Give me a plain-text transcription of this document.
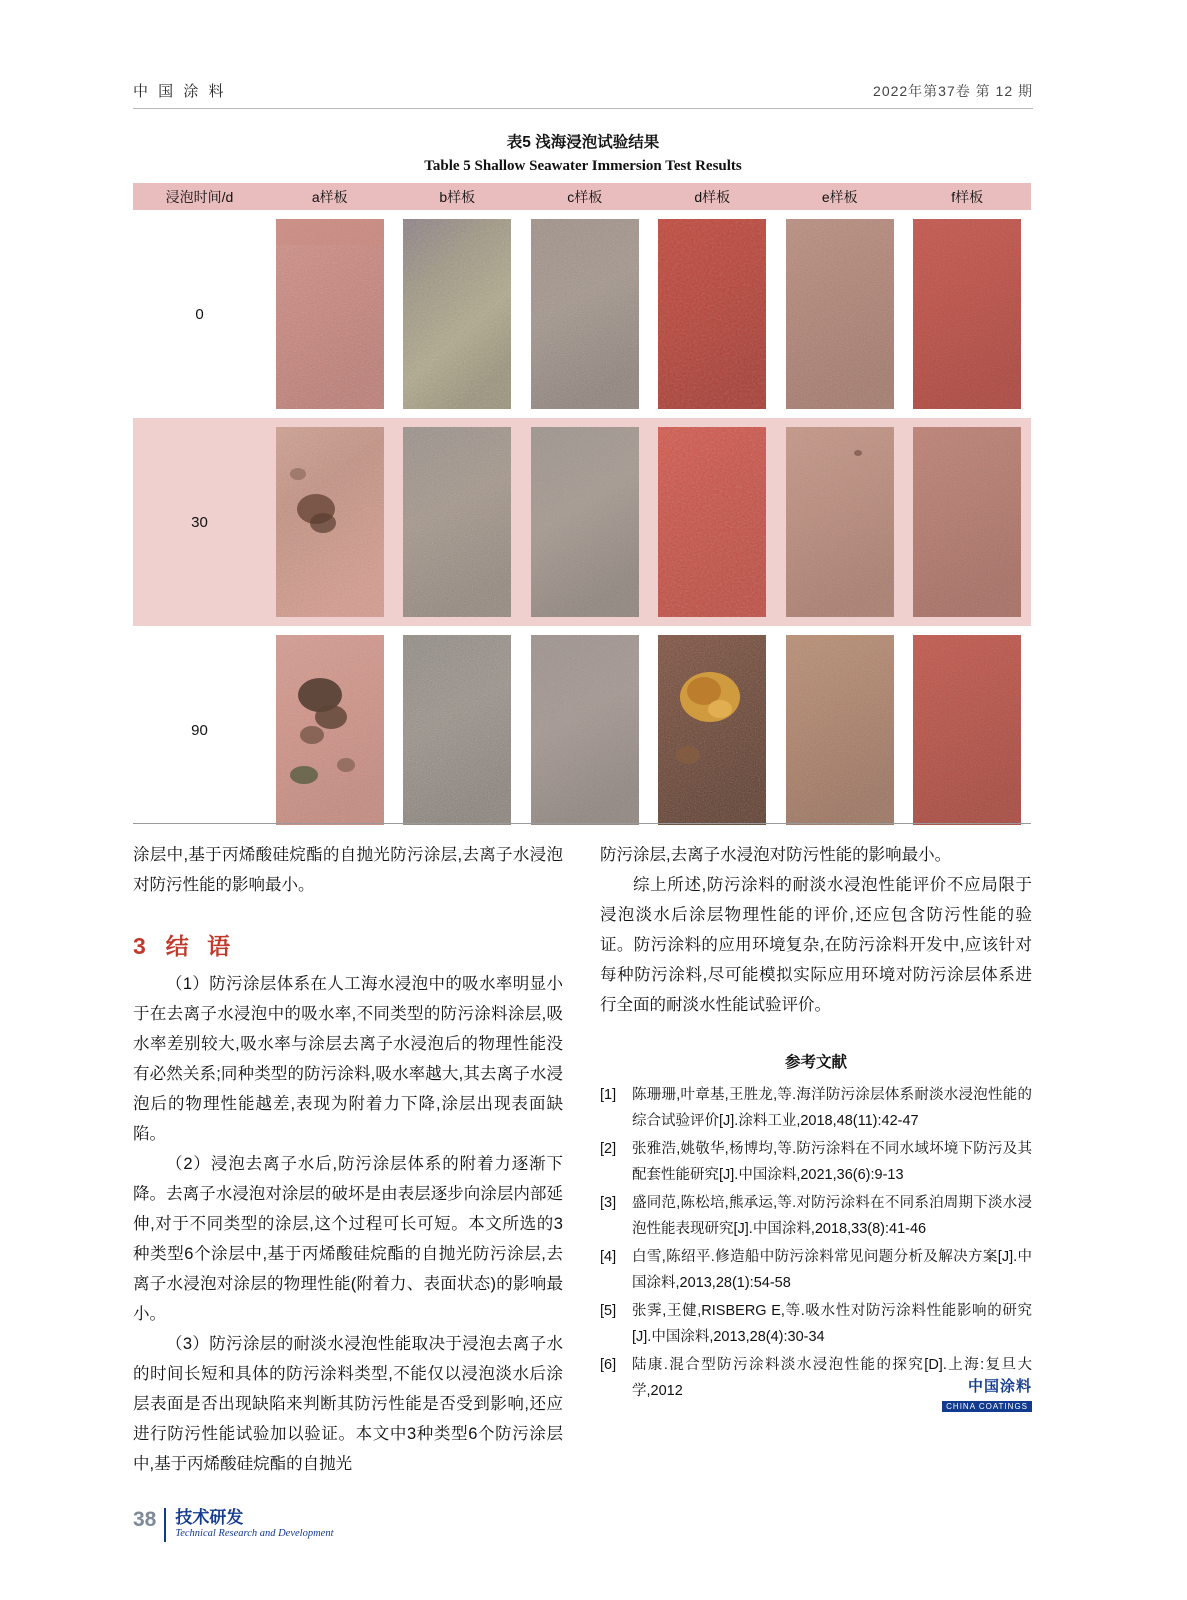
中 国 涂 料	2022年第37卷 第 12 期
表5 浅海浸泡试验结果
Table 5 Shallow Seawater Immersion Test Results
浸泡时间/d	a样板	b样板	c样板	d样板	e样板	f样板
0
30
90

涂层中,基于丙烯酸硅烷酯的自抛光防污涂层,去离子水浸泡对防污性能的影响最小。

3 结 语

（1）防污涂层体系在人工海水浸泡中的吸水率明显小于在去离子水浸泡中的吸水率,不同类型的防污涂料涂层,吸水率差别较大,吸水率与涂层去离子水浸泡后的物理性能没有必然关系;同种类型的防污涂料,吸水率越大,其去离子水浸泡后的物理性能越差,表现为附着力下降,涂层出现表面缺陷。

（2）浸泡去离子水后,防污涂层体系的附着力逐渐下降。去离子水浸泡对涂层的破坏是由表层逐步向涂层内部延伸,对于不同类型的涂层,这个过程可长可短。本文所选的3种类型6个涂层中,基于丙烯酸硅烷酯的自抛光防污涂层,去离子水浸泡对涂层的物理性能(附着力、表面状态)的影响最小。

（3）防污涂层的耐淡水浸泡性能取决于浸泡去离子水的时间长短和具体的防污涂料类型,不能仅以浸泡淡水后涂层表面是否出现缺陷来判断其防污性能是否受到影响,还应进行防污性能试验加以验证。本文中3种类型6个防污涂层中,基于丙烯酸硅烷酯的自抛光

防污涂层,去离子水浸泡对防污性能的影响最小。

综上所述,防污涂料的耐淡水浸泡性能评价不应局限于浸泡淡水后涂层物理性能的评价,还应包含防污性能的验证。防污涂料的应用环境复杂,在防污涂料开发中,应该针对每种防污涂料,尽可能模拟实际应用环境对防污涂层体系进行全面的耐淡水性能试验评价。

参考文献
[1]	陈珊珊,叶章基,王胜龙,等.海洋防污涂层体系耐淡水浸泡性能的综合试验评价[J].涂料工业,2018,48(11):42-47
[2]	张雅浩,姚敬华,杨博均,等.防污涂料在不同水域坏境下防污及其配套性能研究[J].中国涂料,2021,36(6):9-13
[3]	盛同范,陈松培,熊承运,等.对防污涂料在不同系泊周期下淡水浸泡性能表现研究[J].中国涂料,2018,33(8):41-46
[4]	白雪,陈绍平.修造船中防污涂料常见问题分析及解决方案[J].中国涂料,2013,28(1):54-58
[5]	张霁,王健,RISBERG E,等.吸水性对防污涂料性能影响的研究[J].中国涂料,2013,28(4):30-34
[6]	陆康.混合型防污涂料淡水浸泡性能的探究[D].上海:复旦大学,2012	中国涂料
CHINA COATINGS
38 技术研发
Technical Research and Development
